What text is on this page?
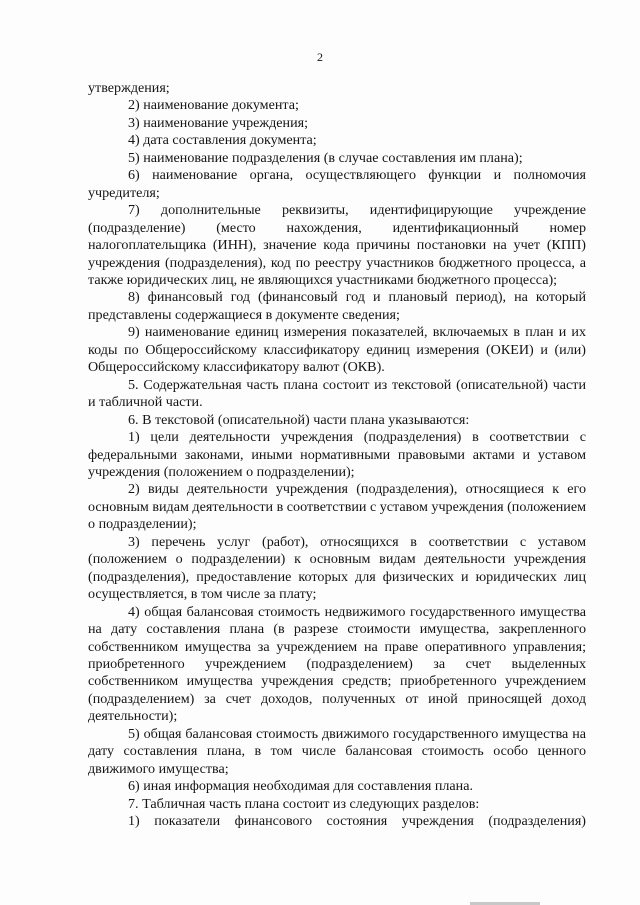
2

утверждения;

2) наименование документа;

3) наименование учреждения;

4) дата составления документа;

5) наименование подразделения (в случае составления им плана);

6) наименование органа, осуществляющего функции и полномочия учредителя;

7) дополнительные реквизиты, идентифицирующие учреждение (подразделение) (место нахождения, идентификационный номер налогоплательщика (ИНН), значение кода причины постановки на учет (КПП) учреждения (подразделения), код по реестру участников бюджетного процесса, а также юридических лиц, не являющихся участниками бюджетного процесса);

8) финансовый год (финансовый год и плановый период), на который представлены содержащиеся в документе сведения;

9) наименование единиц измерения показателей, включаемых в план и их коды по Общероссийскому классификатору единиц измерения (ОКЕИ) и (или) Общероссийскому классификатору валют (ОКВ).

5. Содержательная часть плана состоит из текстовой (описательной) части и табличной части.

6. В текстовой (описательной) части плана указываются:

1) цели деятельности учреждения (подразделения) в соответствии с федеральными законами, иными нормативными правовыми актами и уставом учреждения (положением о подразделении);

2) виды деятельности учреждения (подразделения), относящиеся к его основным видам деятельности в соответствии с уставом учреждения (положением о подразделении);

3) перечень услуг (работ), относящихся в соответствии с уставом (положением о подразделении) к основным видам деятельности учреждения (подразделения), предоставление которых для физических и юридических лиц осуществляется, в том числе за плату;

4) общая балансовая стоимость недвижимого государственного имущества на дату составления плана (в разрезе стоимости имущества, закрепленного собственником имущества за учреждением на праве оперативного управления; приобретенного учреждением (подразделением) за счет выделенных собственником имущества учреждения средств; приобретенного учреждением (подразделением) за счет доходов, полученных от иной приносящей доход деятельности);

5) общая балансовая стоимость движимого государственного имущества на дату составления плана, в том числе балансовая стоимость особо ценного движимого имущества;

6) иная информация необходимая для составления плана.

7. Табличная часть плана состоит из следующих разделов:

1) показатели финансового состояния учреждения (подразделения)
